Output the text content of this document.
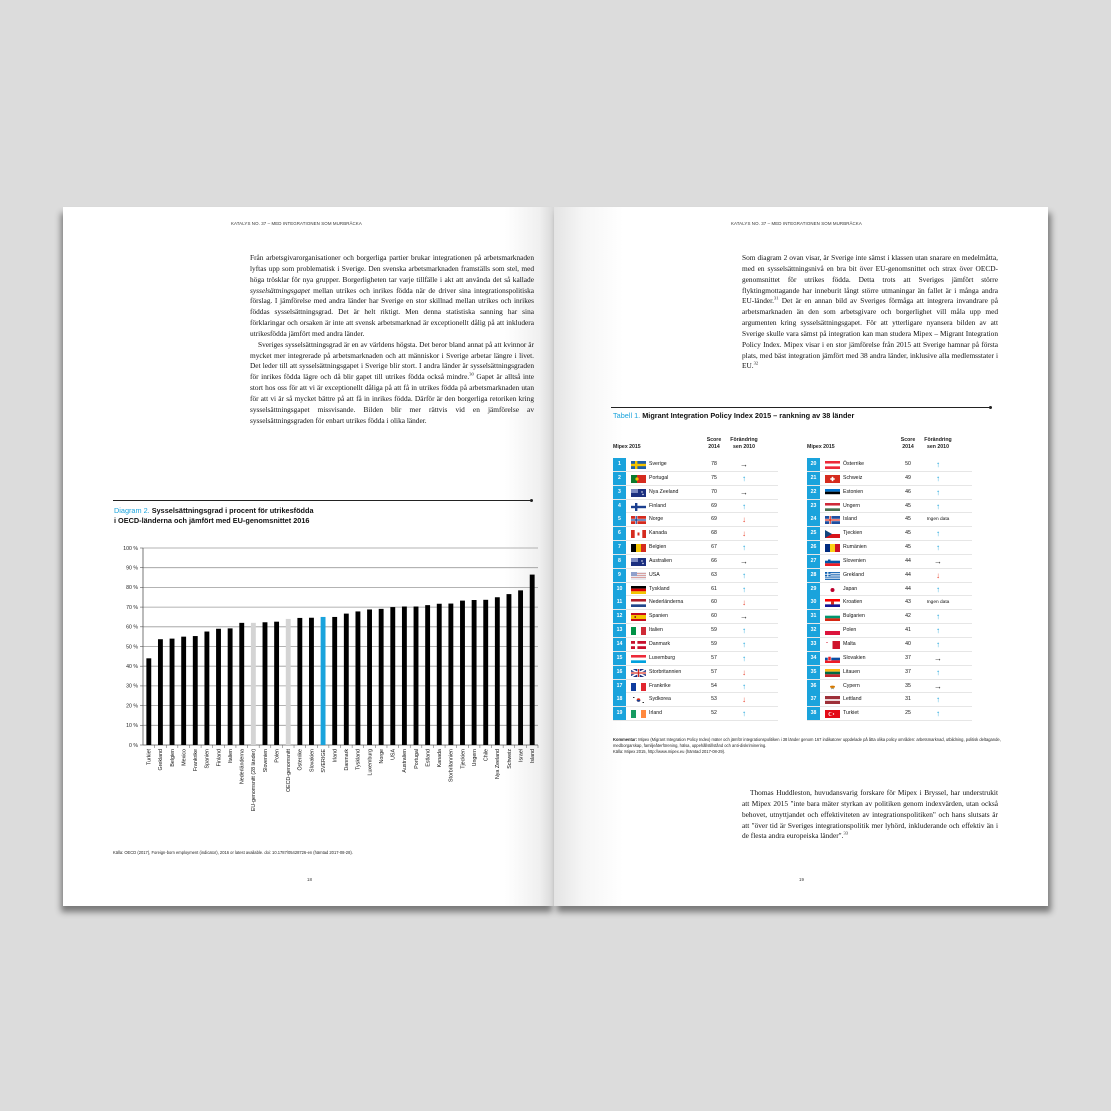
KATALYS NO. 37 – MED INTEGRATIONEN SOM MURBRÄCKA

Från arbetsgivarorganisationer och borgerliga partier brukar integrationen på arbetsmarknaden lyftas upp som problematisk i Sverige. Den svenska arbetsmarknaden framställs som stel, med höga trösklar för nya grupper. Borgerligheten tar varje tillfälle i akt att använda det så kallade sysselsättningsgapet mellan utrikes och inrikes födda när de driver sina integrationspolitiska förslag. I jämförelse med andra länder har Sverige en stor skillnad mellan utrikes och inrikes föddas sysselsättningsgrad. Det är helt riktigt. Men denna statistiska sanning har sina förklaringar och orsaken är inte att svensk arbetsmarknad är exceptionellt dålig på att inkludera utrikesfödda jämfört med andra länder.

Sveriges sysselsättningsgrad är en av världens högsta. Det beror bland annat på att kvinnor är mycket mer integrerade på arbetsmarknaden och att människor i Sverige arbetar längre i livet. Det leder till att sysselsättningsgapet i Sverige blir stort. I andra länder är sysselsättningsgraden för inrikes födda lägre och då blir gapet till utrikes födda också mindre.$^{30}$ Gapet är alltså inte stort hos oss för att vi är exceptionellt dåliga på att få in utrikes födda på arbetsmarknaden utan för att vi är så mycket bättre på att få in inrikes födda. Därför är den borgerliga retoriken kring sysselsättningsgapet missvisande. Bilden blir mer rättvis vid en jämförelse av sysselsättningsgraden för enbart utrikes födda i olika länder.

Diagram 2. Sysselsättningsgrad i procent för utrikesfödda
i OECD-länderna och jämfört med EU-genomsnittet 2016
0 %
10 %
20 %
30 %
40 %
50 %
60 %
70 %
80 %
90 %
100 %
Turkiet Grekland Belgien Mexico Frankrike Spanien Finland Italien Nederländerna EU-genomsnitt (28 länder) Slovenien Polen OECD-genomsnitt Österrike Slovakien SVERIGE Irland Danmark Tyskland Luxemburg Norge USA Australien Portugal Estland Kanada Storbritannien Tjeckien Ungern Chile Nya Zeeland Schweiz Israel Island
Källa: OECD (2017), Foreign-born employment (indicator), 2016 or latest available. doi: 10.1787/05428726-en (hämtad 2017-08-28).
18
KATALYS NO. 37 – MED INTEGRATIONEN SOM MURBRÄCKA

Som diagram 2 ovan visar, är Sverige inte sämst i klassen utan snarare en medelmåtta, med en sysselsättningsnivå en bra bit över EU-genomsnittet och strax över OECD-genomsnittet för utrikes födda. Detta trots att Sveriges jämfört större flyktingmottagande har inneburit långt större utmaningar än fallet är i många andra EU-länder.$^{31}$ Det är en annan bild av Sveriges förmåga att integrera invandrare på arbetsmarknaden än den som arbetsgivare och borgerlighet vill måla upp med argumenten kring sysselsättningsgapet. För att ytterligare nyansera bilden av att Sverige skulle vara sämst på integration kan man studera Mipex – Migrant Integration Policy Index. Mipex visar i en stor jämförelse från 2015 att Sverige hamnar på första plats, med bäst integration jämfört med 38 andra länder, inklusive alla medlemsstater i EU.$^{32}$

Tabell 1. Migrant Integration Policy Index 2015 – rankning av 38 länder
Mipex 2015
Score
2014
Förändring
sen 2010	Mipex 2015
Score
2014
Förändring
sen 2010
1	Sverige	78	→
2	Portugal	75	↑
3	Nya Zeeland	70	→
4	Finland	69	↑
5	Norge	69	↓
6	Kanada	68	↓
7	Belgien	67	↑
8	Australien	66	→
9	USA	63	↑
10	Tyskland	61	↑
11	Nederländerna	60	↓
12	Spanien	60	→
13	Italien	59	↑
14	Danmark	59	↑
15	Luxemburg	57	↑
16	Storbritannien	57	↓
17	Frankrike	54	↑
18	Sydkorea	53	↓
19	Irland	52	↑
20	Österrike	50	↑
21	Schweiz	49	↑
22	Estonien	46	↑
23	Ungern	45	↑
24	Island	45	Ingen data
25	Tjeckien	45	↑
26	Rumänien	45	↑
27	Slovenien	44	→
28	Grekland	44	↓
29	Japan	44	↑
30	Kroatien	43	Ingen data
31	Bulgarien	42	↑
32	Polen	41	↑
33	Malta	40	↑
34	Slovakien	37	→
35	Litauen	37	↑
36	Cypern	35	→
37	Lettland	31	↑
38	Turkiet	25	↑
Kommentar: Mipex (Migrant Integration Policy Index) mäter och jämför integrationspolitiken i 38 länder genom 167 indikatorer uppdelade på åtta olika policy områden: arbetsmarknad, utbildning, politisk deltagande, medborgarskap, familjeåterförening, hälsa, uppehållstillstånd och anti-diskriminering.
Källa: Mipex 2015, http://www.mipex.eu (hämtad 2017-08-29).

Thomas Huddleston, huvudansvarig forskare för Mipex i Bryssel, har understrukit att Mipex 2015 "inte bara mäter styrkan av politiken genom indexvärden, utan också behovet, utnyttjandet och effektiviteten av integrationspolitiken" och hans slutsats är att "över tid är Sveriges integrationspolitik mer lyhörd, inkluderande och effektiv än i de flesta andra europeiska länder".$^{33}$

19
